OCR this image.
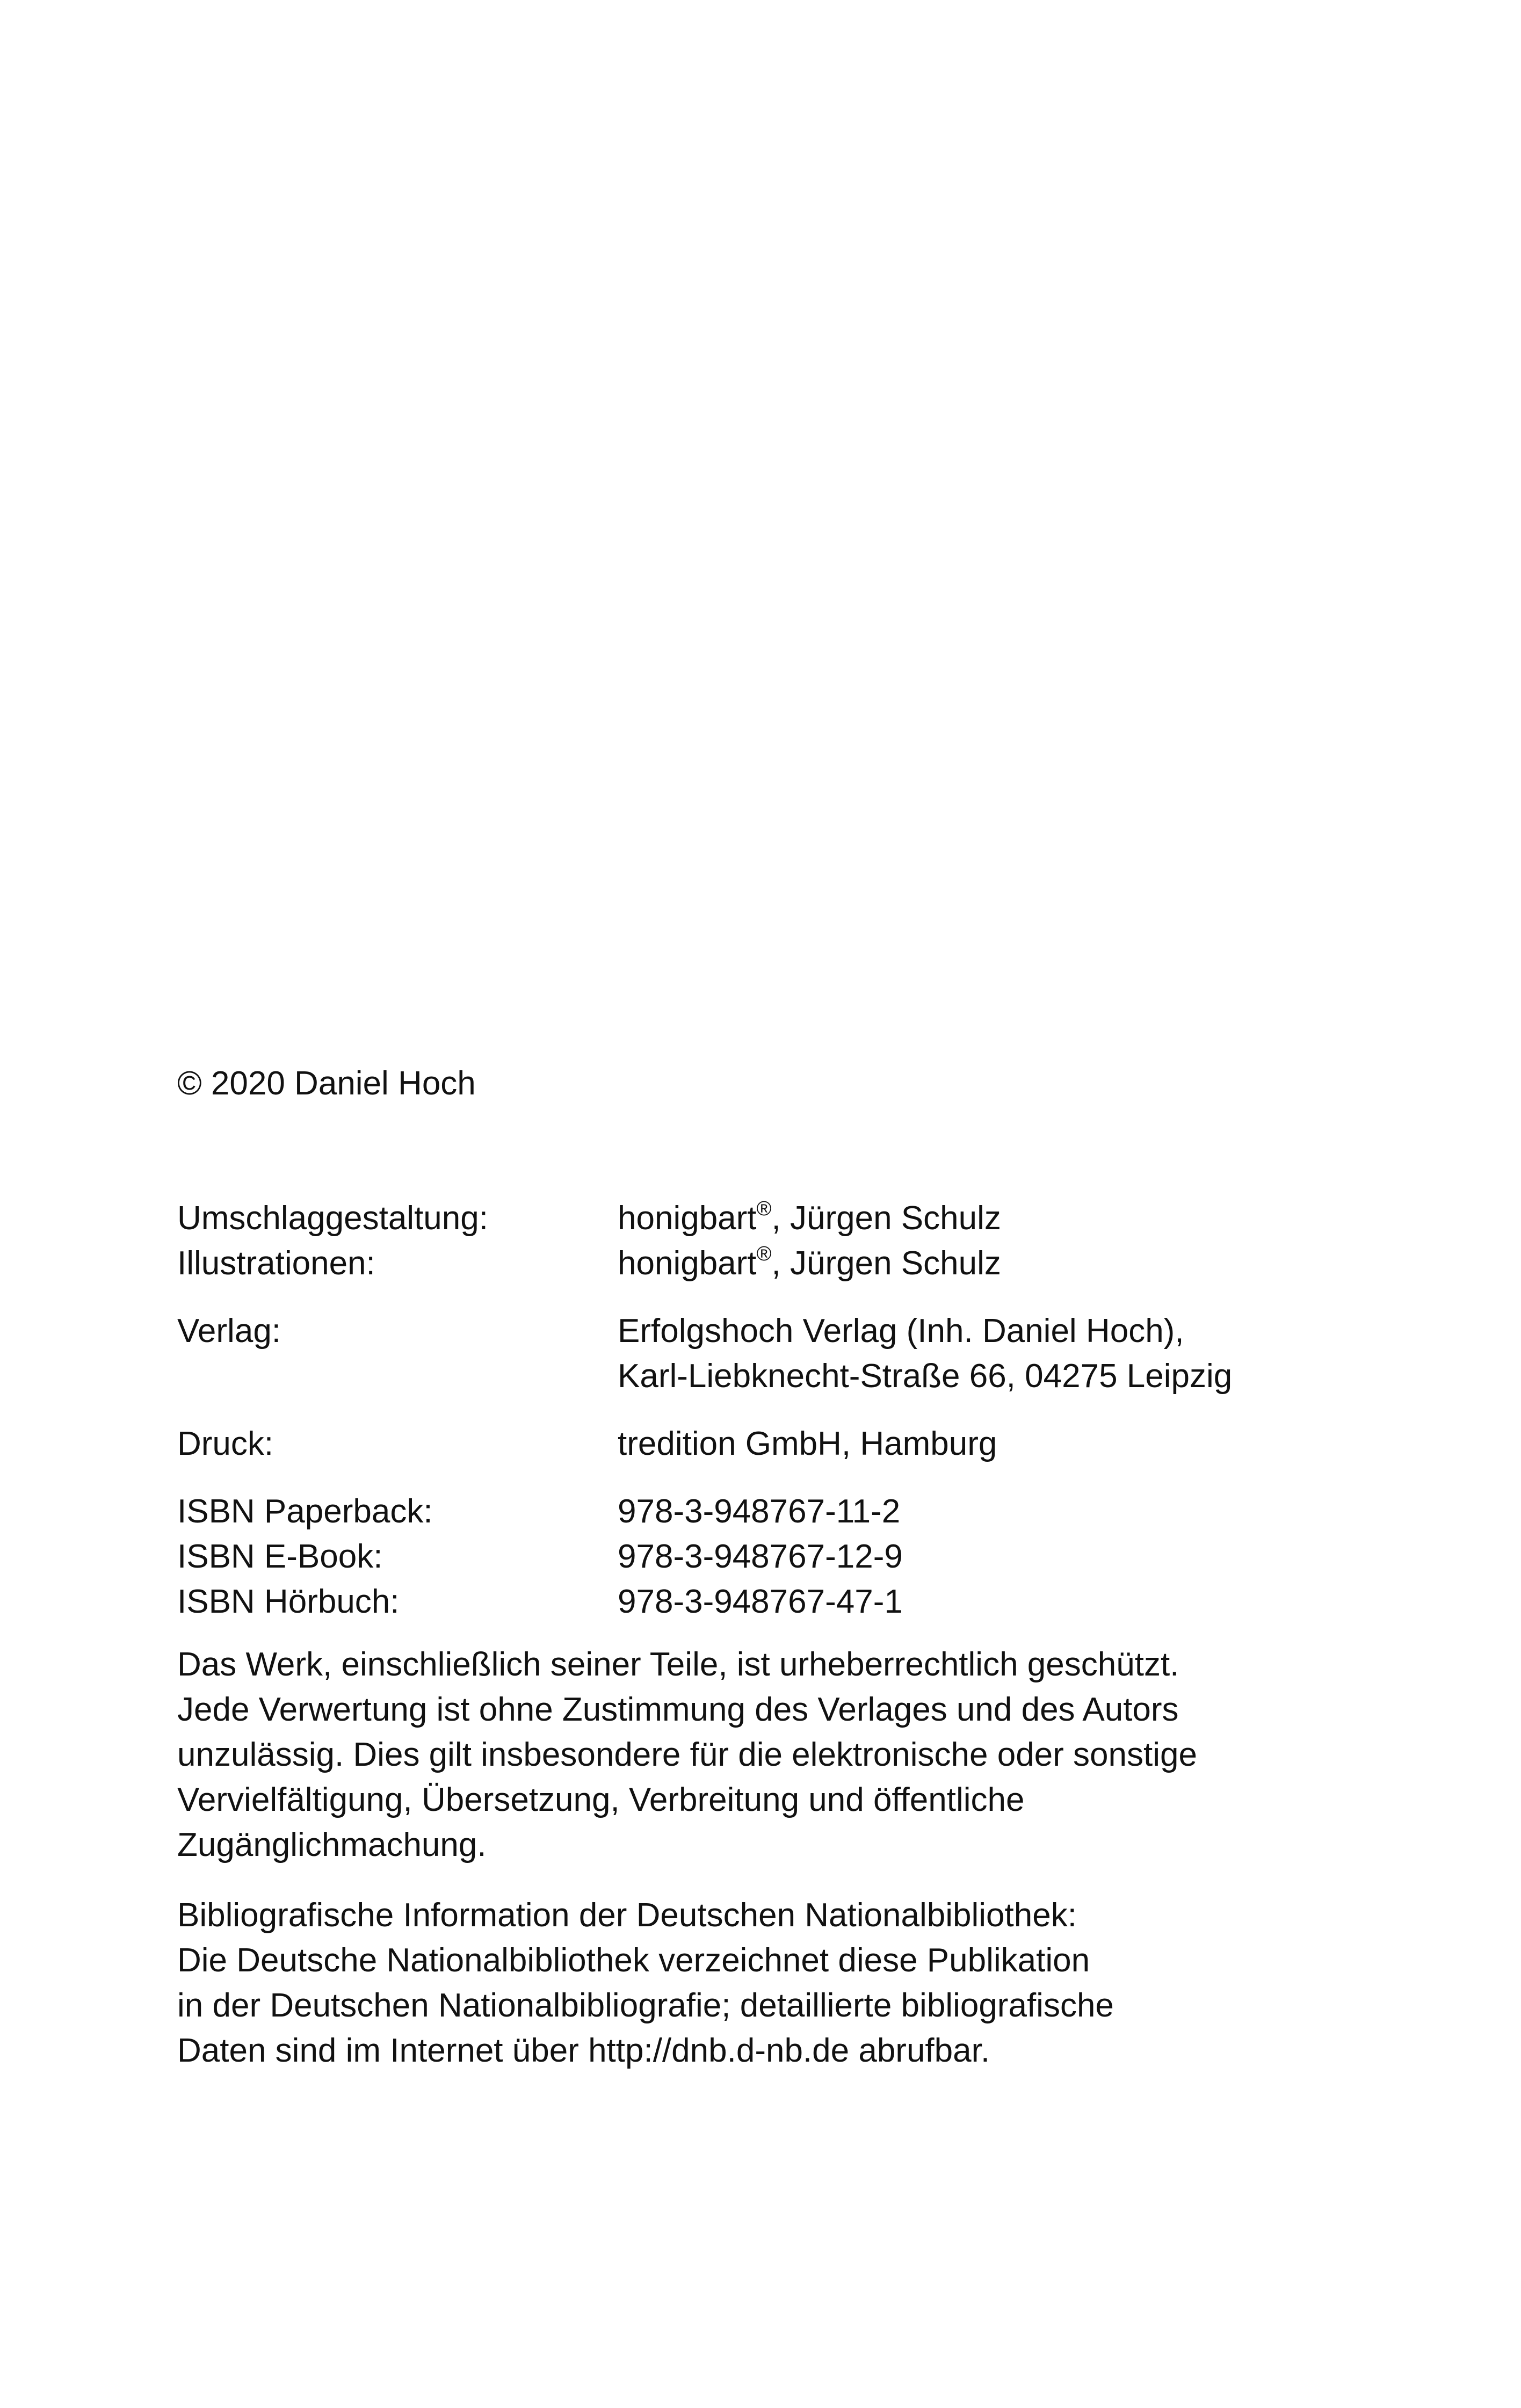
© 2020 Daniel Hoch
Umschlaggestaltung:	honigbart®, Jürgen Schulz
Illustrationen:	honigbart®, Jürgen Schulz
Verlag:	Erfolgshoch Verlag (Inh. Daniel Hoch),
Karl-Liebknecht-Straße 66, 04275 Leipzig
Druck:	tredition GmbH, Hamburg
ISBN Paperback:	978-3-948767-11-2
ISBN E-Book:	978-3-948767-12-9
ISBN Hörbuch:	978-3-948767-47-1

Das Werk, einschließlich seiner Teile, ist urheberrechtlich geschützt.
Jede Verwertung ist ohne Zustimmung des Verlages und des Autors
unzulässig. Dies gilt insbesondere für die elektronische oder sonstige
Vervielfältigung, Übersetzung, Verbreitung und öffentliche
Zugänglichmachung.

Bibliografische Information der Deutschen Nationalbibliothek:
Die Deutsche Nationalbibliothek verzeichnet diese Publikation
in der Deutschen Nationalbibliografie; detaillierte bibliografische
Daten sind im Internet über http://dnb.d-nb.de abrufbar.
